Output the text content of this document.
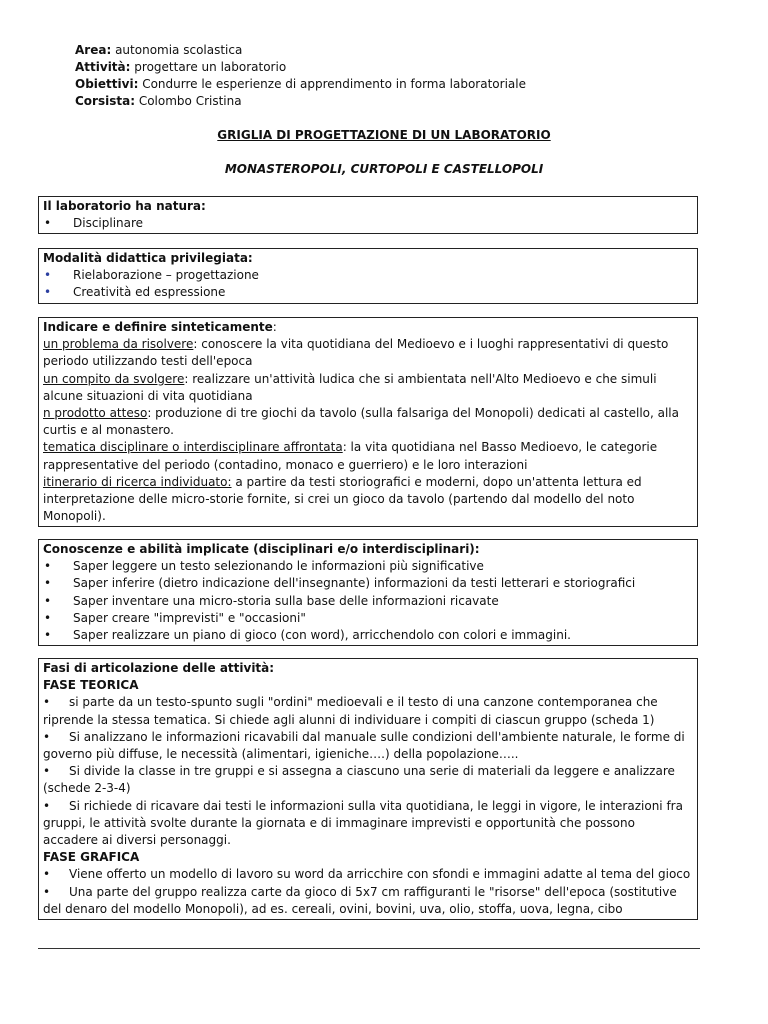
Area: autonomia scolastica
Attività: progettare un laboratorio
Obiettivi: Condurre le esperienze di apprendimento in forma laboratoriale
Corsista: Colombo Cristina
GRIGLIA DI PROGETTAZIONE DI UN LABORATORIO
MONASTEROPOLI, CURTOPOLI E CASTELLOPOLI
Il laboratorio ha natura:
• Disciplinare
Modalità didattica privilegiata:
• Rielaborazione – progettazione
• Creatività ed espressione
Indicare e definire sinteticamente:
un problema da risolvere: conoscere la vita quotidiana del Medioevo e i luoghi rappresentativi di questo periodo utilizzando testi dell'epoca
un compito da svolgere: realizzare un'attività ludica che si ambientata nell'Alto Medioevo e che simuli alcune situazioni di vita quotidiana
n prodotto atteso: produzione di tre giochi da tavolo (sulla falsariga del Monopoli) dedicati al castello, alla curtis e al monastero.
tematica disciplinare o interdisciplinare affrontata: la vita quotidiana nel Basso Medioevo, le categorie rappresentative del periodo (contadino, monaco e guerriero) e le loro interazioni
itinerario di ricerca individuato: a partire da testi storiografici e moderni, dopo un'attenta lettura ed interpretazione delle micro-storie fornite, si crei un gioco da tavolo (partendo dal modello del noto Monopoli).
Conoscenze e abilità implicate (disciplinari e/o interdisciplinari):
• Saper leggere un testo selezionando le informazioni più significative
• Saper inferire (dietro indicazione dell'insegnante) informazioni da testi letterari e storiografici
• Saper inventare una micro-storia sulla base delle informazioni ricavate
• Saper creare "imprevisti" e "occasioni"
• Saper realizzare un piano di gioco (con word), arricchendolo con colori e immagini.
Fasi di articolazione delle attività:
FASE TEORICA
• si parte da un testo-spunto sugli "ordini" medioevali e il testo di una canzone contemporanea che riprende la stessa tematica. Si chiede agli alunni di individuare i compiti di ciascun gruppo (scheda 1)
• Si analizzano le informazioni ricavabili dal manuale sulle condizioni dell'ambiente naturale, le forme di governo più diffuse, le necessità (alimentari, igieniche….) della popolazione…..
• Si divide la classe in tre gruppi e si assegna a ciascuno una serie di materiali da leggere e analizzare (schede 2-3-4)
• Si richiede di ricavare dai testi le informazioni sulla vita quotidiana, le leggi in vigore, le interazioni fra gruppi, le attività svolte durante la giornata e di immaginare imprevisti e opportunità che possono accadere ai diversi personaggi.
FASE GRAFICA
• Viene offerto un modello di lavoro su word da arricchire con sfondi e immagini adatte al tema del gioco
• Una parte del gruppo realizza carte da gioco di 5x7 cm raffiguranti le "risorse" dell'epoca (sostitutive del denaro del modello Monopoli), ad es. cereali, ovini, bovini, uva, olio, stoffa, uova, legna, cibo
